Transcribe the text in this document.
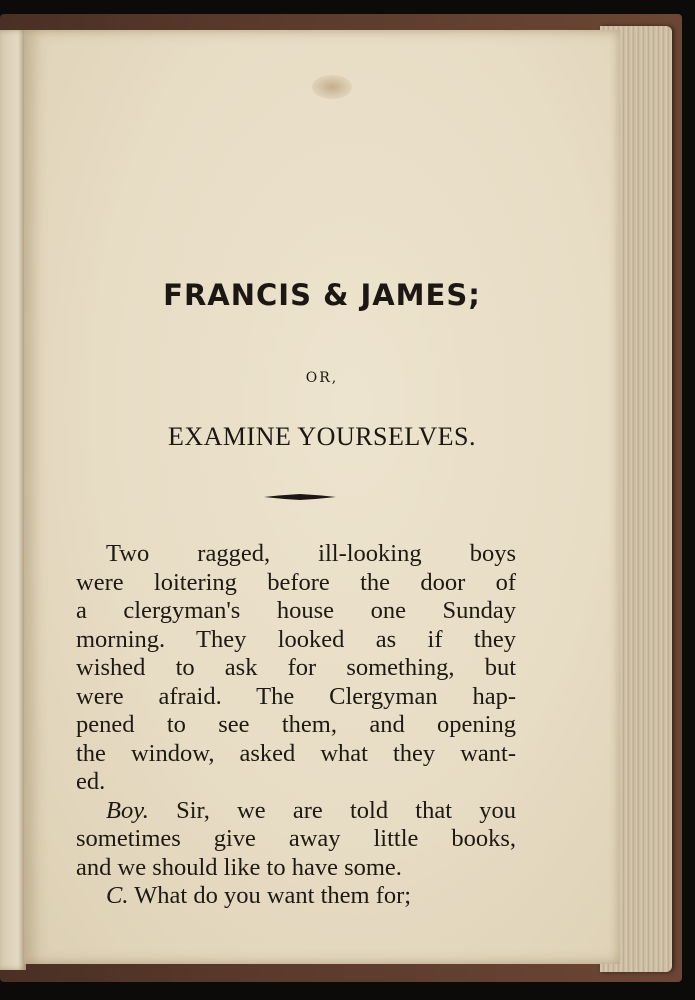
FRANCIS & JAMES;
OR,
EXAMINE YOURSELVES.

Two ragged, ill-looking boys

were loitering before the door of

a clergyman's house one Sunday

morning. They looked as if they

wished to ask for something, but

were afraid. The Clergyman hap-

pened to see them, and opening

the window, asked what they want-

ed.

Boy. Sir, we are told that you

sometimes give away little books,

and we should like to have some.

C. What do you want them for;
